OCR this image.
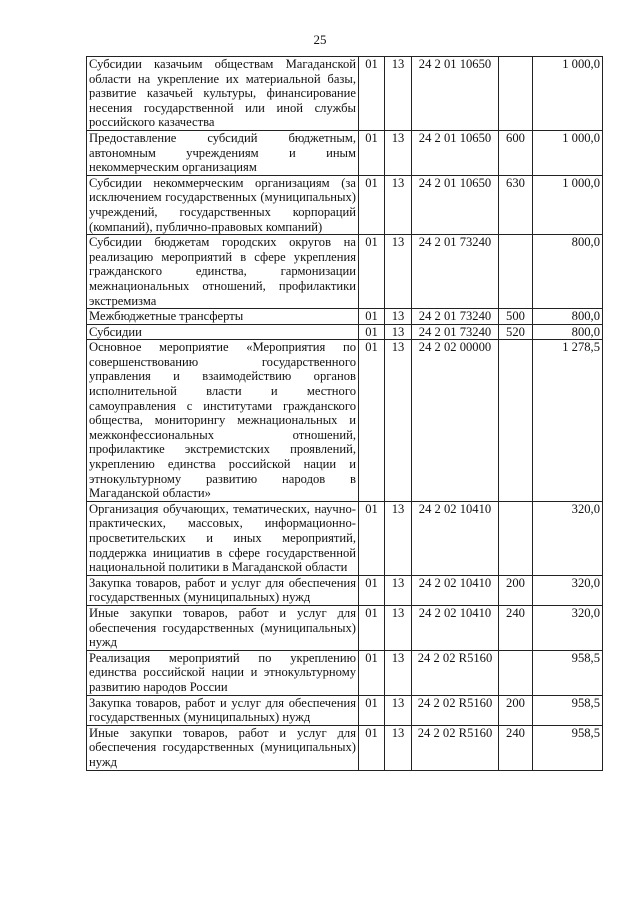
25
Субсидии казачьим обществам Магаданской области на укрепление их материальной базы, развитие казачьей культуры, финансирование несения государственной или иной службы российского казачества	01	13	24 2 01 10650		1 000,0
Предоставление субсидий бюджетным, автономным учреждениям и иным некоммерческим организациям	01	13	24 2 01 10650	600	1 000,0
Субсидии некоммерческим организациям (за исключением государственных (муниципальных) учреждений, государственных корпораций (компаний), публично-правовых компаний)	01	13	24 2 01 10650	630	1 000,0
Субсидии бюджетам городских округов на реализацию мероприятий в сфере укрепления гражданского единства, гармонизации межнациональных отношений, профилактики экстремизма	01	13	24 2 01 73240		800,0
Межбюджетные трансферты	01	13	24 2 01 73240	500	800,0
Субсидии	01	13	24 2 01 73240	520	800,0
Основное мероприятие «Мероприятия по совершенствованию государственного управления и взаимодействию органов исполнительной власти и местного самоуправления с институтами гражданского общества, мониторингу межнациональных и межконфессиональных отношений, профилактике экстремистских проявлений, укреплению единства российской нации и этнокультурному развитию народов в Магаданской области»	01	13	24 2 02 00000		1 278,5
Организация обучающих, тематических, научно-практических, массовых, информационно-просветительских и иных мероприятий, поддержка инициатив в сфере государственной национальной политики в Магаданской области	01	13	24 2 02 10410		320,0
Закупка товаров, работ и услуг для обеспечения государственных (муниципальных) нужд	01	13	24 2 02 10410	200	320,0
Иные закупки товаров, работ и услуг для обеспечения государственных (муниципальных) нужд	01	13	24 2 02 10410	240	320,0
Реализация мероприятий по укреплению единства российской нации и этнокультурному развитию народов России	01	13	24 2 02 R5160		958,5
Закупка товаров, работ и услуг для обеспечения государственных (муниципальных) нужд	01	13	24 2 02 R5160	200	958,5
Иные закупки товаров, работ и услуг для обеспечения государственных (муниципальных) нужд	01	13	24 2 02 R5160	240	958,5
